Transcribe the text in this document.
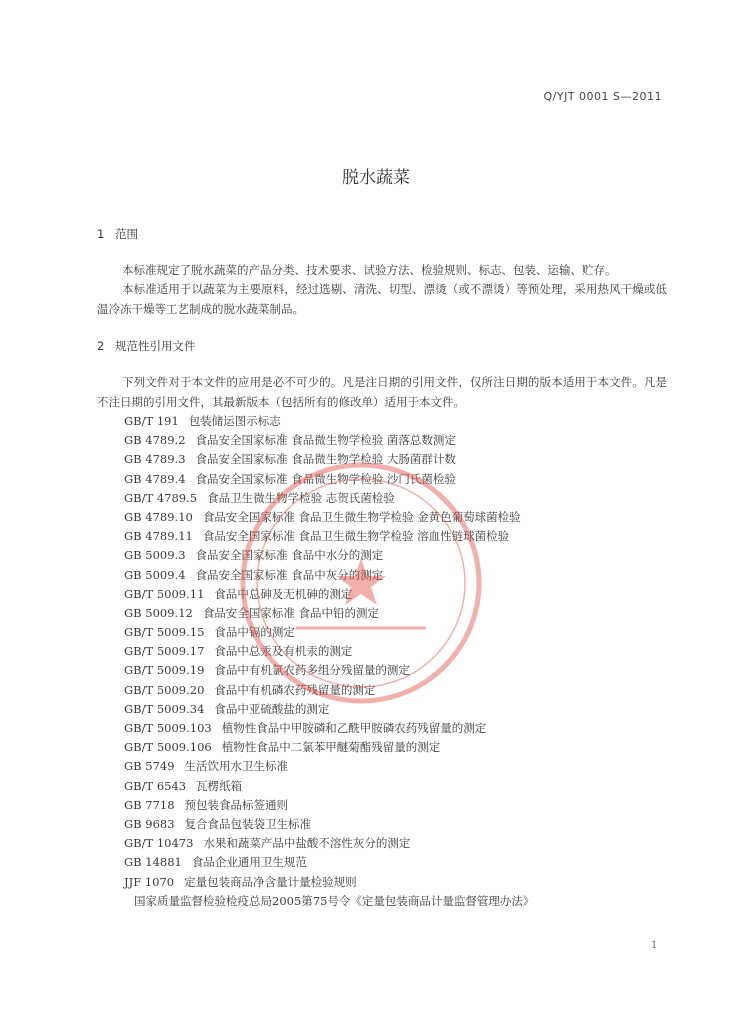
Q/YJT 0001 S—2011
脱水蔬菜
1 范围
本标准规定了脱水蔬菜的产品分类、技术要求、试验方法、检验规则、标志、包装、运输、贮存。
本标准适用于以蔬菜为主要原料，经过选剔、清洗、切型、漂烫（或不漂烫）等预处理，采用热风干燥或低温冷冻干燥等工艺制成的脱水蔬菜制品。
2 规范性引用文件
下列文件对于本文件的应用是必不可少的。凡是注日期的引用文件，仅所注日期的版本适用于本文件。凡是不注日期的引用文件，其最新版本（包括所有的修改单）适用于本文件。
GB/T 191 包装储运图示标志
GB 4789.2 食品安全国家标准 食品微生物学检验 菌落总数测定
GB 4789.3 食品安全国家标准 食品微生物学检验 大肠菌群计数
GB 4789.4 食品安全国家标准 食品微生物学检验 沙门氏菌检验
GB/T 4789.5 食品卫生微生物学检验 志贺氏菌检验
GB 4789.10 食品安全国家标准 食品卫生微生物学检验 金黄色葡萄球菌检验
GB 4789.11 食品安全国家标准 食品卫生微生物学检验 溶血性链球菌检验
GB 5009.3 食品安全国家标准 食品中水分的测定
GB 5009.4 食品安全国家标准 食品中灰分的测定
GB/T 5009.11 食品中总砷及无机砷的测定
GB 5009.12 食品安全国家标准 食品中铅的测定
GB/T 5009.15 食品中镉的测定
GB/T 5009.17 食品中总汞及有机汞的测定
GB/T 5009.19 食品中有机氯农药多组分残留量的测定
GB/T 5009.20 食品中有机磷农药残留量的测定
GB/T 5009.34 食品中亚硫酸盐的测定
GB/T 5009.103 植物性食品中甲胺磷和乙酰甲胺磷农药残留量的测定
GB/T 5009.106 植物性食品中二氯苯甲醚菊酯残留量的测定
GB 5749 生活饮用水卫生标准
GB/T 6543 瓦楞纸箱
GB 7718 预包装食品标签通则
GB 9683 复合食品包装袋卫生标准
GB/T 10473 水果和蔬菜产品中盐酸不溶性灰分的测定
GB 14881 食品企业通用卫生规范
JJF 1070 定量包装商品净含量计量检验规则
国家质量监督检验检疫总局2005第75号令《定量包装商品计量监督管理办法》
1
